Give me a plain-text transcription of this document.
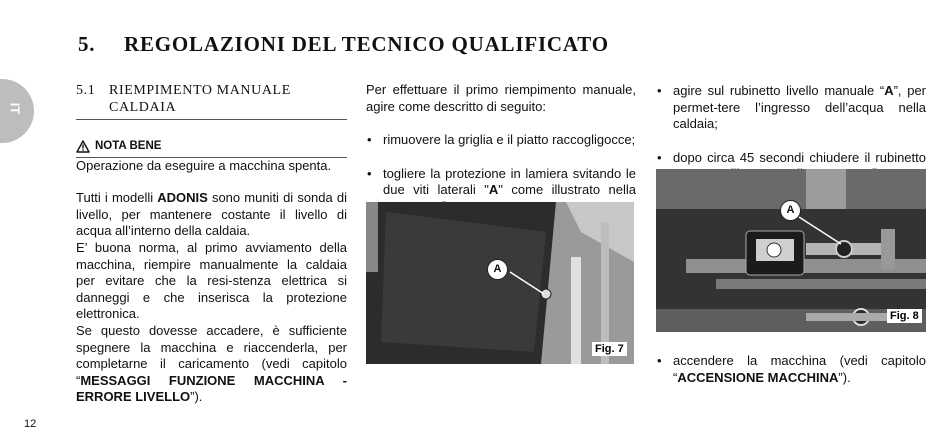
IT
5. REGOLAZIONI DEL TECNICO QUALIFICATO
5.1 RIEMPIMENTO MANUALE
CALDAIA
NOTA BENE

Operazione da eseguire a macchina spenta.

Tutti i modelli ADONIS sono muniti di sonda di livello, per mantenere costante il livello di acqua all’interno della caldaia.

E’ buona norma, al primo avviamento della macchina, riempire manualmente la caldaia per evitare che la resi-stenza elettrica si danneggi e che inserisca la protezione elettronica.

Se questo dovesse accadere, è sufficiente spegnere la macchina e riaccenderla, per completarne il caricamento (vedi capitolo “MESSAGGI FUNZIONE MACCHINA - ERRORE LIVELLO”).

Per effettuare il primo riempimento manuale, agire come descritto di seguito:

• rimuovere la griglia e il piatto raccogligocce;
• togliere la protezione in lamiera svitando le due viti laterali "A" come illustrato nella
A
Fig. 7
• agire sul rubinetto livello manuale “A”, per permet-tere l’ingresso dell’acqua nella caldaia;
• dopo circa 45 secondi chiudere il rubinetto
A
Fig. 8
• accendere la macchina (vedi capitolo “ACCENSIONE MACCHINA”).
12
